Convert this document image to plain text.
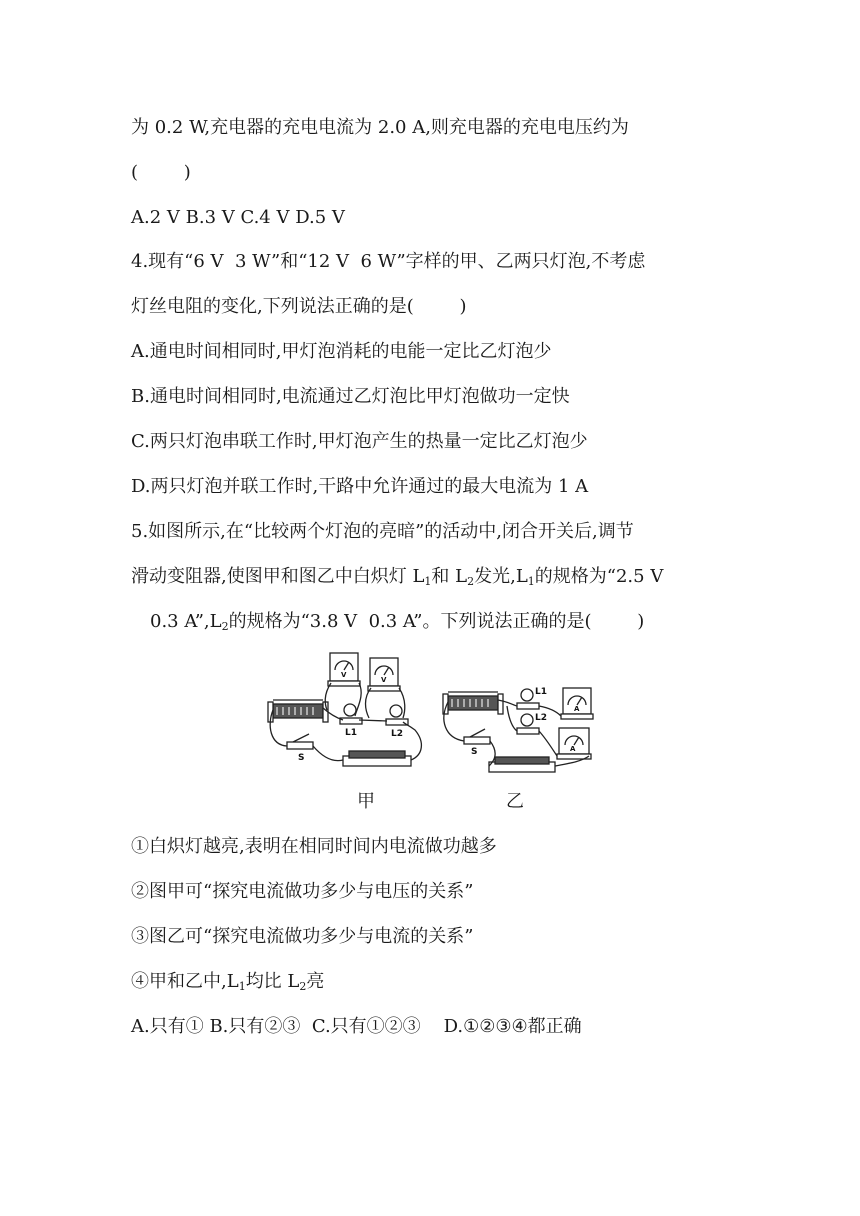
为 0.2 W,充电器的充电电流为 2.0 A,则充电器的充电电压约为
(        )
A.2 V B.3 V C.4 V D.5 V
4.现有“6 V  3 W”和“12 V  6 W”字样的甲、乙两只灯泡,不考虑
灯丝电阻的变化,下列说法正确的是(        )
A.通电时间相同时,甲灯泡消耗的电能一定比乙灯泡少
B.通电时间相同时,电流通过乙灯泡比甲灯泡做功一定快
C.两只灯泡串联工作时,甲灯泡产生的热量一定比乙灯泡少
D.两只灯泡并联工作时,干路中允许通过的最大电流为 1 A
5.如图所示,在“比较两个灯泡的亮暗”的活动中,闭合开关后,调节
滑动变阻器,使图甲和图乙中白炽灯 $L_1$和 $L_2$发光$,L_1$的规格为“2.5 V
0.3 $A”,L_2$的规格为“3.8 V  0.3 A”。下列说法正确的是(        )
L1	L2
S
V
V
L1
L2
S
A
A
甲	乙
①白炽灯越亮,表明在相同时间内电流做功越多
②图甲可“探究电流做功多少与电压的关系”
③图乙可“探究电流做功多少与电流的关系”
④甲和乙中$,L_1$均比 $L_2$亮
A.只有① B.只有②③  C.只有①②③    D.①②③④都正确
